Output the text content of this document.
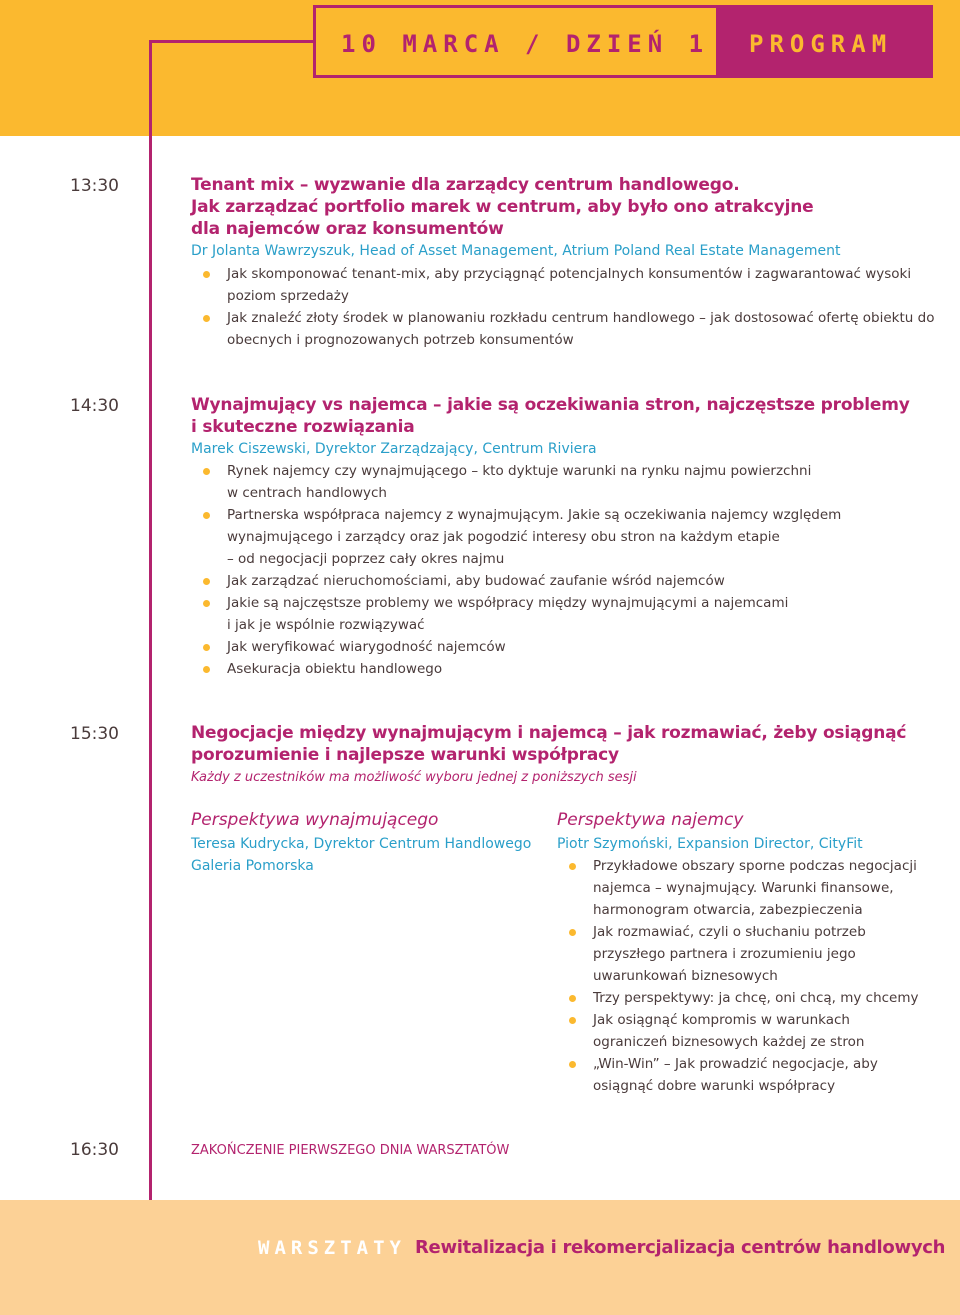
10 MARCA / DZIEŃ 1 PROGRAM
13:30	Tenant mix – wyzwanie dla zarządcy centrum handlowego.
Jak zarządzać portfolio marek w centrum, aby było ono atrakcyjne
dla najemców oraz konsumentów
Dr Jolanta Wawrzyszuk, Head of Asset Management, Atrium Poland Real Estate Management
Jak skomponować tenant-mix, aby przyciągnąć potencjalnych konsumentów i zagwarantować wysoki
poziom sprzedaży
Jak znaleźć złoty środek w planowaniu rozkładu centrum handlowego – jak dostosować ofertę obiektu do
obecnych i prognozowanych potrzeb konsumentów
14:30	Wynajmujący vs najemca – jakie są oczekiwania stron, najczęstsze problemy
i skuteczne rozwiązania
Marek Ciszewski, Dyrektor Zarządzający, Centrum Riviera
Rynek najemcy czy wynajmującego – kto dyktuje warunki na rynku najmu powierzchni
w centrach handlowych
Partnerska współpraca najemcy z wynajmującym. Jakie są oczekiwania najemcy względem
wynajmującego i zarządcy oraz jak pogodzić interesy obu stron na każdym etapie
– od negocjacji poprzez cały okres najmu
Jak zarządzać nieruchomościami, aby budować zaufanie wśród najemców
Jakie są najczęstsze problemy we współpracy między wynajmującymi a najemcami
i jak je wspólnie rozwiązywać
Jak weryfikować wiarygodność najemców
Asekuracja obiektu handlowego
15:30	Negocjacje między wynajmującym i najemcą – jak rozmawiać, żeby osiągnąć
porozumienie i najlepsze warunki współpracy
Każdy z uczestników ma możliwość wyboru jednej z poniższych sesji
Perspektywa wynajmującego
Teresa Kudrycka, Dyrektor Centrum Handlowego
Galeria Pomorska
Perspektywa najemcy
Piotr Szymoński, Expansion Director, CityFit
Przykładowe obszary sporne podczas negocjacji
najemca – wynajmujący. Warunki finansowe,
harmonogram otwarcia, zabezpieczenia
Jak rozmawiać, czyli o słuchaniu potrzeb
przyszłego partnera i zrozumieniu jego
uwarunkowań biznesowych
Trzy perspektywy: ja chcę, oni chcą, my chcemy
Jak osiągnąć kompromis w warunkach
ograniczeń biznesowych każdej ze stron
„Win-Win” – Jak prowadzić negocjacje, aby
osiągnąć dobre warunki współpracy
16:30	ZAKOŃCZENIE PIERWSZEGO DNIA WARSZTATÓW
WARSZTATY Rewitalizacja i rekomercjalizacja centrów handlowych
